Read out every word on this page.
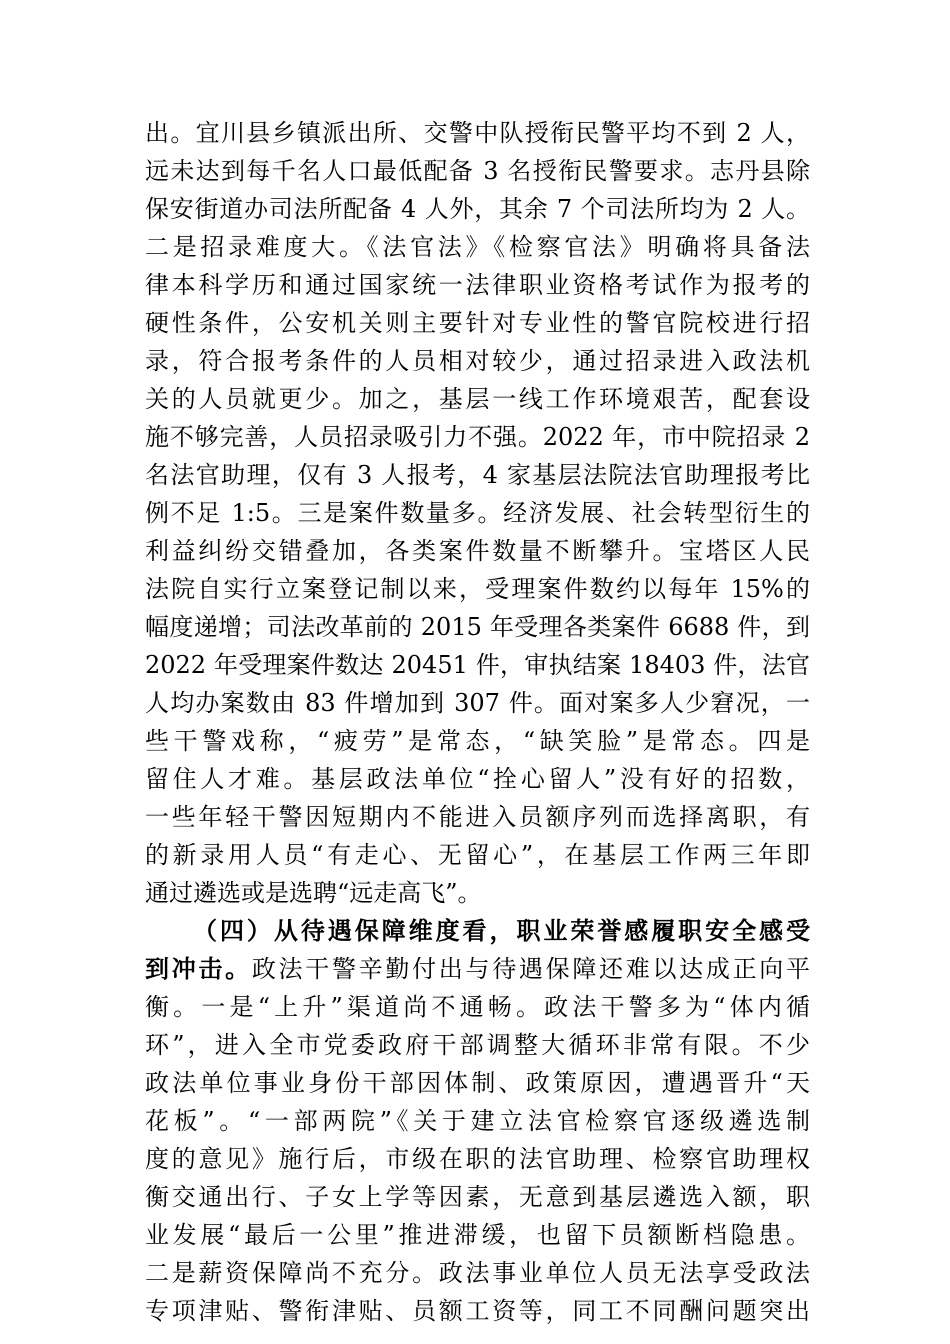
出。宜川县乡镇派出所、交警中队授衔民警平均不到 2 人，
远未达到每千名人口最低配备 3 名授衔民警要求。志丹县除
保安街道办司法所配备 4 人外，其余 7 个司法所均为 2 人。
二是招录难度大。《法官法》《检察官法》明确将具备法
律本科学历和通过国家统一法律职业资格考试作为报考的
硬性条件，公安机关则主要针对专业性的警官院校进行招
录，符合报考条件的人员相对较少，通过招录进入政法机
关的人员就更少。加之，基层一线工作环境艰苦，配套设
施不够完善，人员招录吸引力不强。2022 年，市中院招录 2
名法官助理，仅有 3 人报考，4 家基层法院法官助理报考比
例不足 1:5。三是案件数量多。经济发展、社会转型衍生的
利益纠纷交错叠加，各类案件数量不断攀升。宝塔区人民
法院自实行立案登记制以来，受理案件数约以每年 15%的
幅度递增；司法改革前的 2015 年受理各类案件 6688 件，到
2022 年受理案件数达 20451 件，审执结案 18403 件，法官
人均办案数由 83 件增加到 307 件。面对案多人少窘况，一
些干警戏称，“疲劳”是常态，“缺笑脸”是常态。四是
留住人才难。基层政法单位“拴心留人”没有好的招数，
一些年轻干警因短期内不能进入员额序列而选择离职，有
的新录用人员“有走心、无留心”，在基层工作两三年即
通过遴选或是选聘“远走高飞”。
（四）从待遇保障维度看，职业荣誉感履职安全感受
到冲击。政法干警辛勤付出与待遇保障还难以达成正向平
衡。一是“上升”渠道尚不通畅。政法干警多为“体内循
环”，进入全市党委政府干部调整大循环非常有限。不少
政法单位事业身份干部因体制、政策原因，遭遇晋升“天
花板”。“一部两院”《关于建立法官检察官逐级遴选制
度的意见》施行后，市级在职的法官助理、检察官助理权
衡交通出行、子女上学等因素，无意到基层遴选入额，职
业发展“最后一公里”推进滞缓，也留下员额断档隐患。
二是薪资保障尚不充分。政法事业单位人员无法享受政法
专项津贴、警衔津贴、员额工资等，同工不同酬问题突出
